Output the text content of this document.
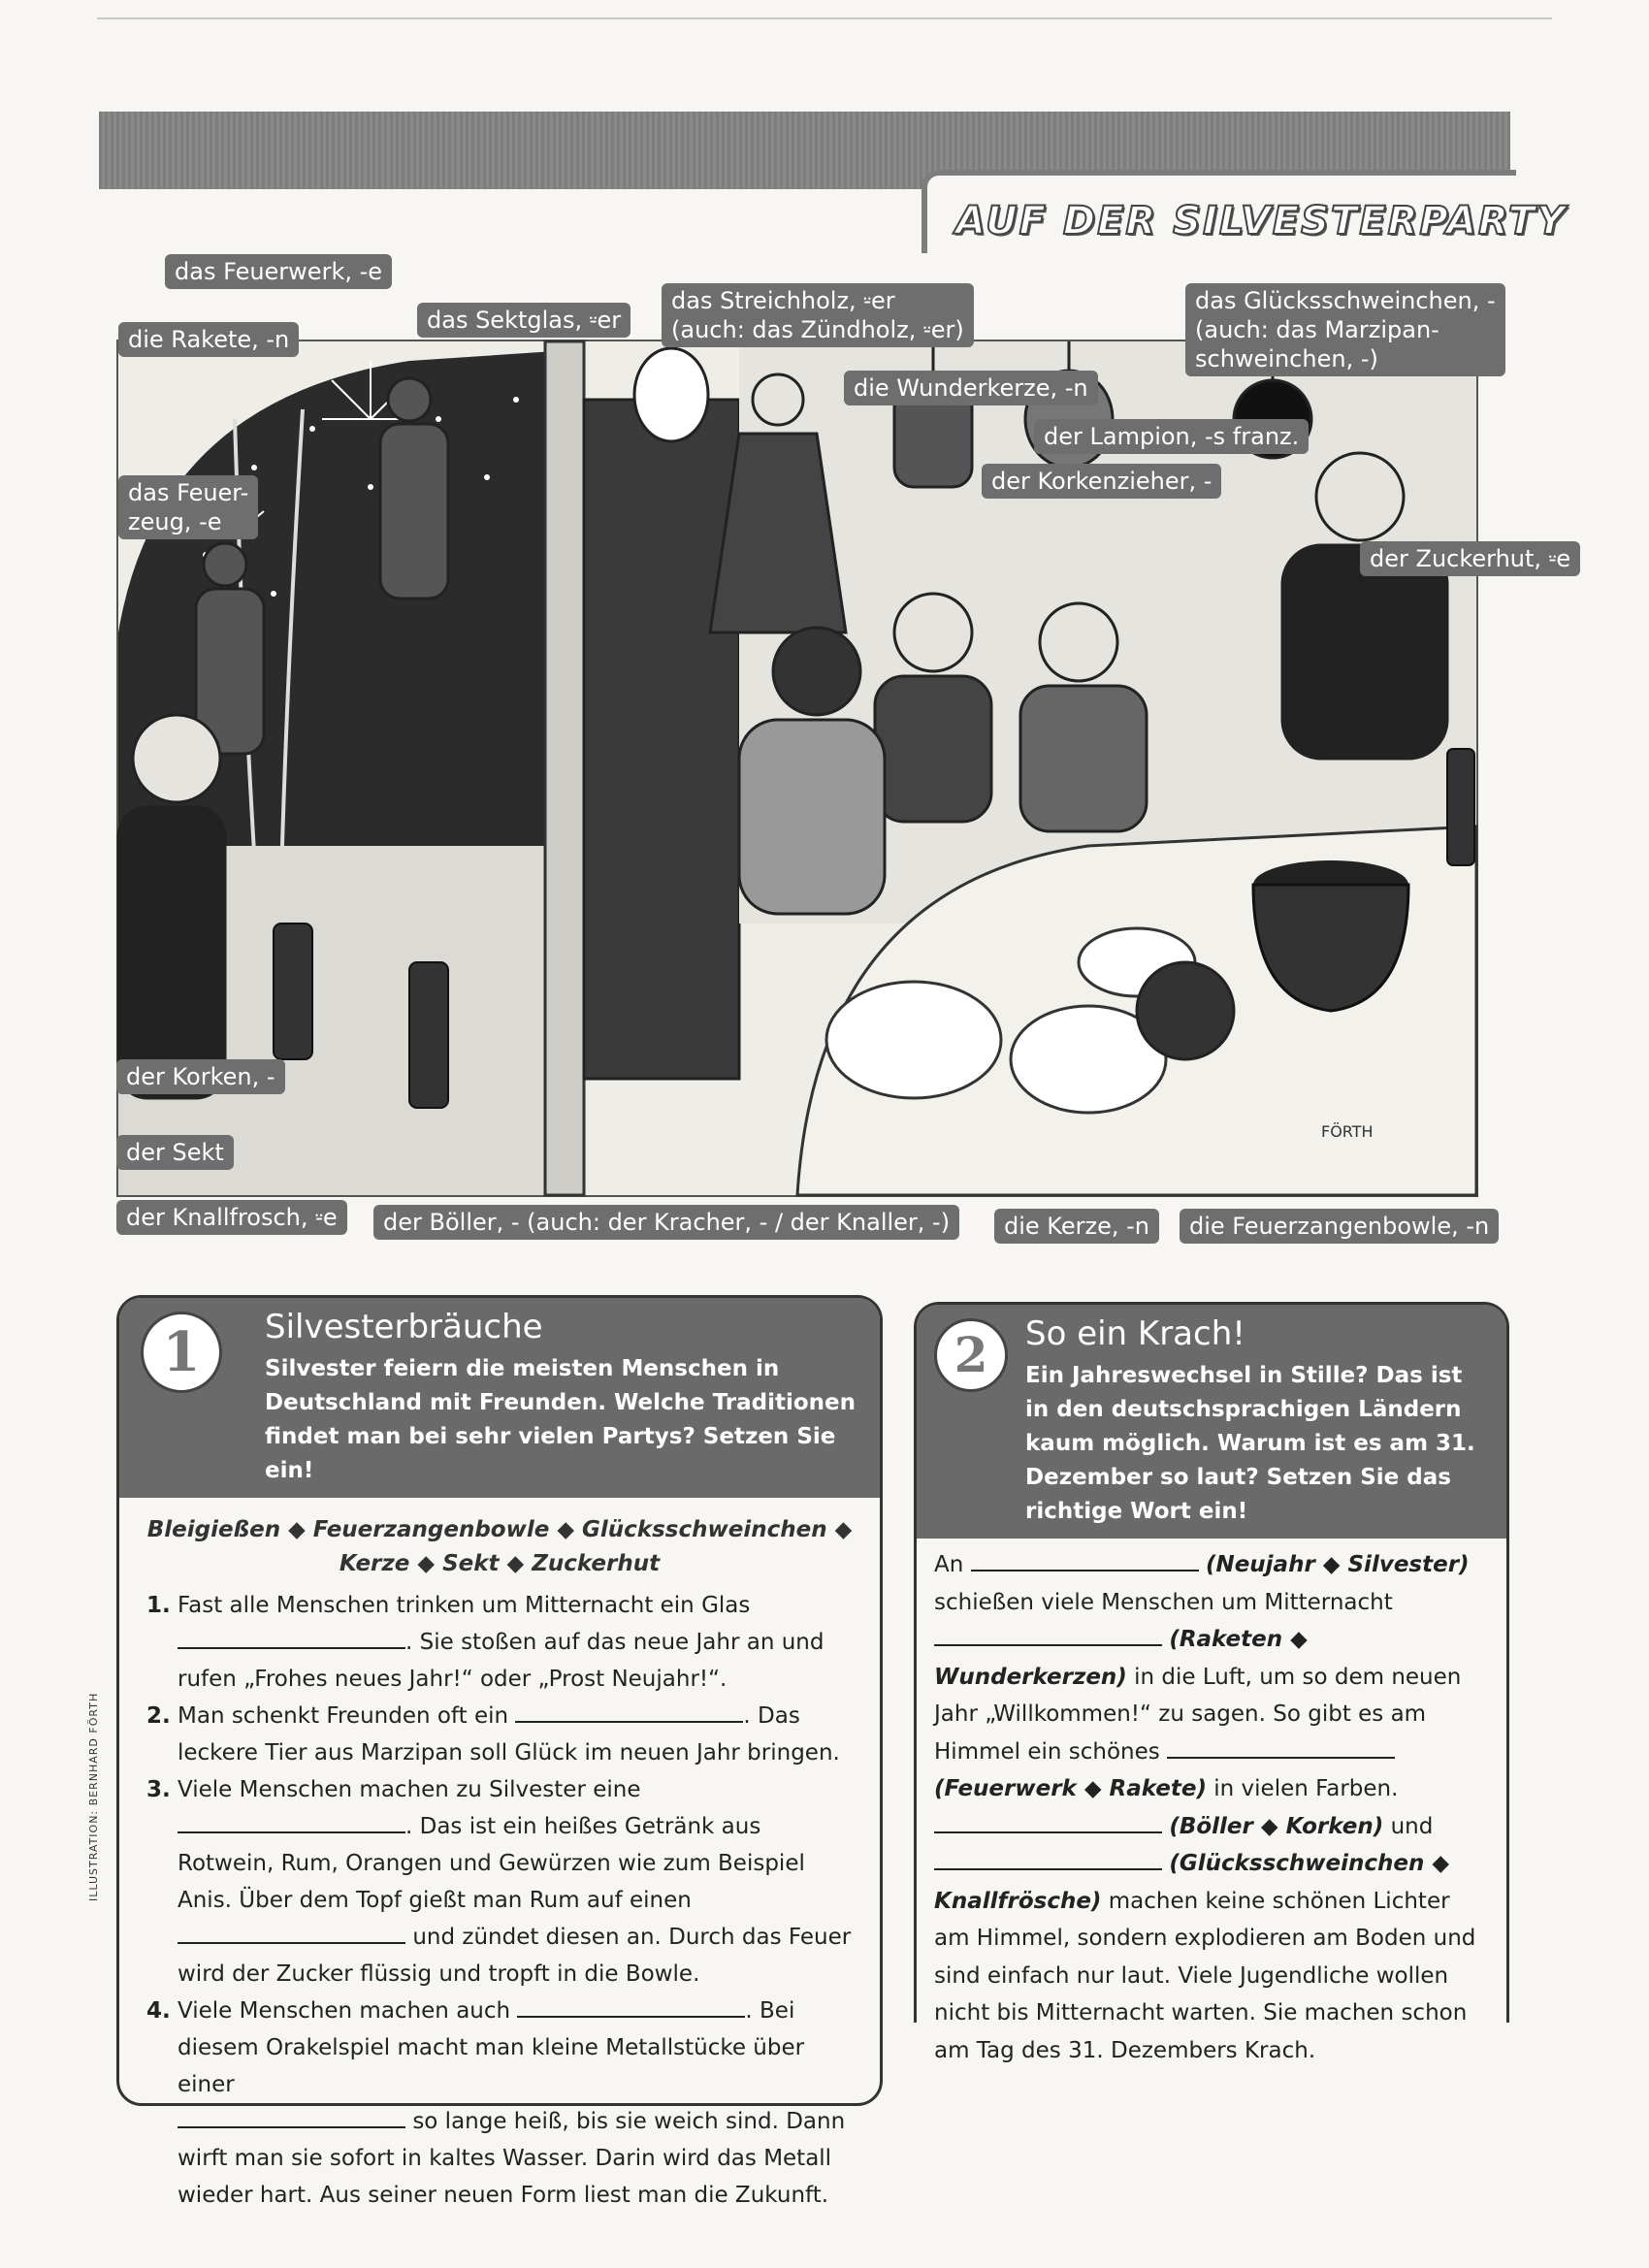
AUF DER SILVESTERPARTY
FÖRTH
das Feuerwerk, -e
die Rakete, -n
das Sektglas, ⸚er
das Streichholz, ⸚er
(auch: das Zündholz, ⸚er)
die Wunderkerze, -n
das Glücksschweinchen, -
(auch: das Marzipan-
schweinchen, -)
der Lampion, -s franz.
der Korkenzieher, -
das Feuer-
zeug, -e
der Zuckerhut, ⸚e
der Korken, -
der Sekt
der Knallfrosch, ⸚e	der Böller, - (auch: der Kracher, - / der Knaller, -)	die Kerze, -n	die Feuerzangenbowle, -n
ILLUSTRATION: BERNHARD FÖRTH
1	Silvesterbräuche
Silvester feiern die meisten Menschen in Deutschland mit Freunden. Welche Traditionen findet man bei sehr vielen Partys? Setzen Sie ein!
Bleigießen ◆ Feuerzangenbowle ◆ Glücksschweinchen ◆
Kerze ◆ Sekt ◆ Zuckerhut
1. Fast alle Menschen trinken um Mitternacht ein Glas
. Sie stoßen auf das neue Jahr an und rufen „Frohes neues Jahr!“ oder „Prost Neujahr!“.
2. Man schenkt Freunden oft ein	. Das leckere Tier aus Marzipan soll Glück im neuen Jahr bringen.
3. Viele Menschen machen zu Silvester eine . Das ist ein heißes Getränk aus Rotwein, Rum, Orangen und Gewürzen wie zum Beispiel Anis. Über dem Topf gießt man Rum auf einen  und zündet diesen an. Durch das Feuer wird der Zucker flüssig und tropft in die Bowle.
4. Viele Menschen machen auch	. Bei diesem Orakelspiel macht man kleine Metallstücke über einer
so lange heiß, bis sie weich sind. Dann wirft man sie sofort in kaltes Wasser. Darin wird das Metall wieder hart. Aus seiner neuen Form liest man die Zukunft.
2	So ein Krach!
Ein Jahreswechsel in Stille? Das ist in den deutschsprachigen Ländern kaum möglich. Warum ist es am 31. Dezember so laut? Setzen Sie das richtige Wort ein!
An	(Neujahr ◆ Silvester) schießen viele Menschen um Mitternacht  (Raketen ◆ Wunderkerzen) in die Luft, um so dem neuen Jahr „Willkommen!“ zu sagen. So gibt es am Himmel ein schönes  (Feuerwerk ◆ Rakete) in vielen Farben.  (Böller ◆ Korken) und  (Glücksschweinchen ◆ Knallfrösche) machen keine schönen Lichter am Himmel, sondern explodieren am Boden und sind einfach nur laut. Viele Jugendliche wollen nicht bis Mitternacht warten. Sie machen schon am Tag des 31. Dezembers Krach.
